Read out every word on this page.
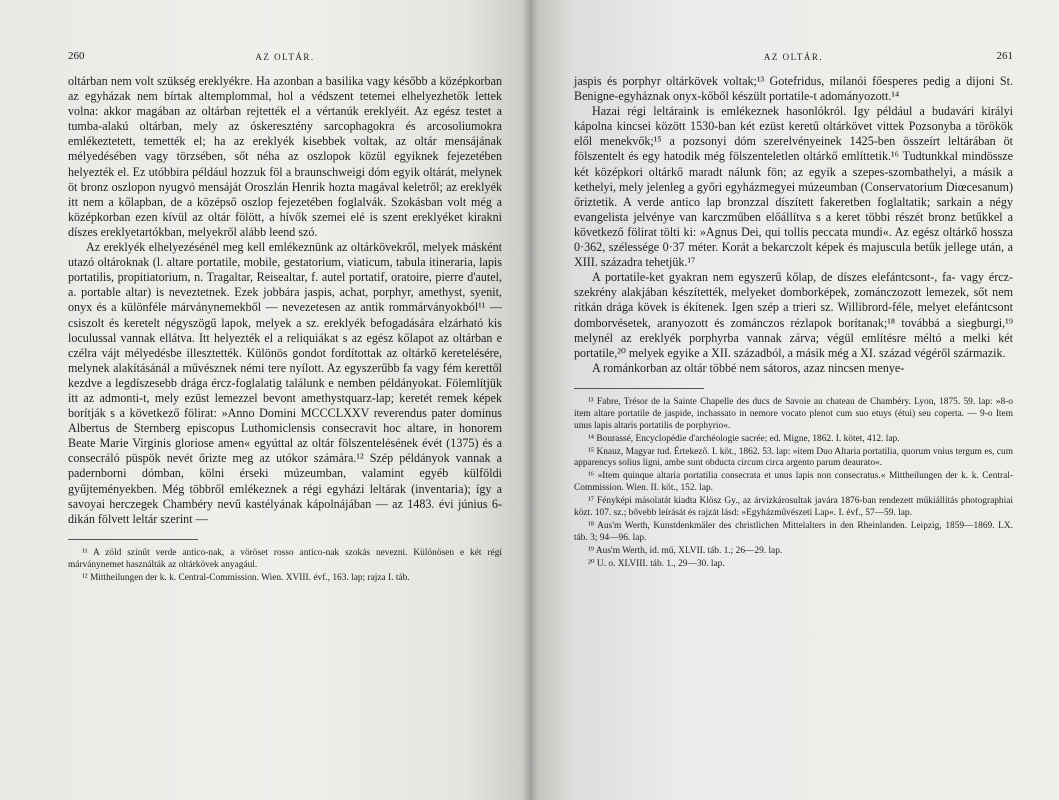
260	AZ OLTÁR.

oltárban nem volt szükség ereklyékre. Ha azonban a basilika vagy később a középkorban az egyházak nem bírtak altemplommal, hol a védszent tetemei elhelyezhetők lettek volna: akkor magában az oltárban rejtették el a vértanúk ereklyéit. Az egész testet a tumba-alakú oltárban, mely az óskeresztény sarcophagokra és arcosoliumokra emlékeztetett, temették el; ha az ereklyék kisebbek voltak, az oltár mensájának mélyedésében vagy törzsében, sőt néha az oszlopok közül egyiknek fejezetében helyezték el. Ez utóbbira például hozzuk föl a braunschweigi dóm egyik oltárát, melynek öt bronz oszlopon nyugvó mensáját Oroszlán Henrik hozta magával keletről; az ereklyék itt nem a kőlapban, de a középső oszlop fejezetében foglalvák. Szokásban volt még a középkorban ezen kívül az oltár fölött, a hívők szemei elé is szent ereklyéket kirakni díszes ereklyetartókban, melyekről alább leend szó.

Az ereklyék elhelyezésénél meg kell emlékeznünk az oltárkövekről, melyek másként utazó oltároknak (l. altare portatile, mobile, gestatorium, viaticum, tabula itineraria, lapis portatilis, propitiatorium, n. Tragaltar, Reisealtar, f. autel portatif, oratoire, pierre d'autel, a. portable altar) is neveztetnek. Ezek jobbára jaspis, achat, porphyr, amethyst, syenit, onyx és a különféle márványnemekből — nevezetesen az antik rommárványokból¹¹ — csiszolt és keretelt négyszögű lapok, melyek a sz. ereklyék befogadására elzárható kis loculussal vannak ellátva. Itt helyezték el a reliquiákat s az egész kőlapot az oltárban e czélra vájt mélyedésbe illesztették. Különös gondot fordítottak az oltárkő keretelésére, melynek alakításánál a művésznek némi tere nyílott. Az egyszerűbb fa vagy fém kerettől kezdve a legdíszesebb drága ércz-foglalatig találunk e nemben példányokat. Fölemlítjük itt az admonti-t, mely ezüst lemezzel bevont amethystquarz-lap; keretét remek képek borítják s a következő fölirat: »Anno Domini MCCCLXXV reverendus pater dominus Albertus de Sternberg episcopus Luthomiclensis consecravit hoc altare, in honorem Beate Marie Virginis gloriose amen« egyúttal az oltár fölszentelésének évét (1375) és a consecráló püspök nevét őrizte meg az utókor számára.¹² Szép példányok vannak a padernborni dómban, kölni érseki múzeumban, valamint egyéb külföldi gyűjteményekben. Még többről emlékeznek a régi egyházi leltárak (inventaria); így a savoyai herczegek Chambéry nevű kastélyának kápolnájában — az 1483. évi június 6-dikán fölvett leltár szerint —

¹¹ A zöld színűt verde antico-nak, a vöröset rosso antico-nak szokás nevezni. Különösen e két régi márványnemet használták az oltárkövek anyagául.

¹² Mittheilungen der k. k. Central-Commission. Wien. XVIII. évf., 163. lap; rajza I. táb.

AZ OLTÁR.	261

jaspis és porphyr oltárkövek voltak;¹³ Gotefridus, milanói főesperes pedig a dijoni St. Benigne-egyháznak onyx-kőből készült portatile-t adományozott.¹⁴

Hazai régi leltáraink is emlékeznek hasonlókról. Igy például a budavári királyi kápolna kincsei között 1530-ban két ezüst keretű oltárkövet vittek Pozsonyba a törökök elől menekvők;¹⁵ a pozsonyi dóm szerelvényeinek 1425-ben összeírt leltárában öt fölszentelt és egy hatodik még fölszenteletlen oltárkő említtetik.¹⁶ Tudtunkkal mindössze két középkori oltárkő maradt nálunk fön; az egyik a szepes-szombathelyi, a másik a kethelyi, mely jelenleg a győri egyházmegyei múzeumban (Conservatorium Diœcesanum) őriztetik. A verde antico lap bronzzal díszített fakeretben foglaltatik; sarkain a négy evangelista jelvénye van karczműben előállítva s a keret többi részét bronz betűkkel a következő fölirat tölti ki: »Agnus Dei, qui tollis peccata mundi«. Az egész oltárkő hossza 0·362, szélessége 0·37 méter. Korát a bekarczolt képek és majuscula betűk jellege után, a XIII. századra tehetjük.¹⁷

A portatile-ket gyakran nem egyszerű kőlap, de díszes elefántcsont-, fa- vagy ércz-szekrény alakjában készítették, melyeket domborképek, zománczozott lemezek, sőt nem ritkán drága kövek is ékítenek. Igen szép a trieri sz. Willibrord-féle, melyet elefántcsont domborvésetek, aranyozott és zománczos rézlapok borítanak;¹⁸ továbbá a siegburgi,¹⁹ melynél az ereklyék porphyrba vannak zárva; végül említésre méltó a melki két portatile,²⁰ melyek egyike a XII. századból, a másik még a XI. század végéről származik.

A románkorban az oltár többé nem sátoros, azaz nincsen menye-

¹³ Fabre, Trésor de la Sainte Chapelle des ducs de Savoie au chateau de Chambéry. Lyon, 1875. 59. lap: »8-o item altare portatile de jaspide, inchassato in nemore vocato plenot cum suo etuys (étui) seu coperta. — 9-o Item unus lapis altaris portatilis de porphyrio«.

¹⁴ Bourassé, Encyclopédie d'archéologie sacrée; ed. Migne, 1862. I. kötet, 412. lap.

¹⁵ Knauz, Magyar tud. Értekező. I. köt., 1862. 53. lap: »item Duo Altaria portatilia, quorum vnius tergum es, cum apparencys solius ligni, ambe sunt obducta circum circa argento parum deaurato«.

¹⁶ »Item quinque altaria portatilia consecrata et unus lapis non consecratus.« Mittheilungen der k. k. Central-Commission. Wien. II. köt., 152. lap.

¹⁷ Fényképi másolatát kiadta Klösz Gy., az árvízkárosultak javára 1876-ban rendezett műkiállítás photographiai közt. 107. sz.; bővebb leírását és rajzát lásd: »Egyházművészeti Lap«. I. évf., 57—59. lap.

¹⁸ Aus'm Werth, Kunstdenkmäler des christlichen Mittelalters in den Rheinlanden. Leipzig, 1859—1869. LX. táb. 3; 94—96. lap.

¹⁹ Aus'm Werth, id. mű, XLVII. táb. 1.; 26—29. lap.

²⁰ U. o. XLVIII. táb. 1., 29—30. lap.
